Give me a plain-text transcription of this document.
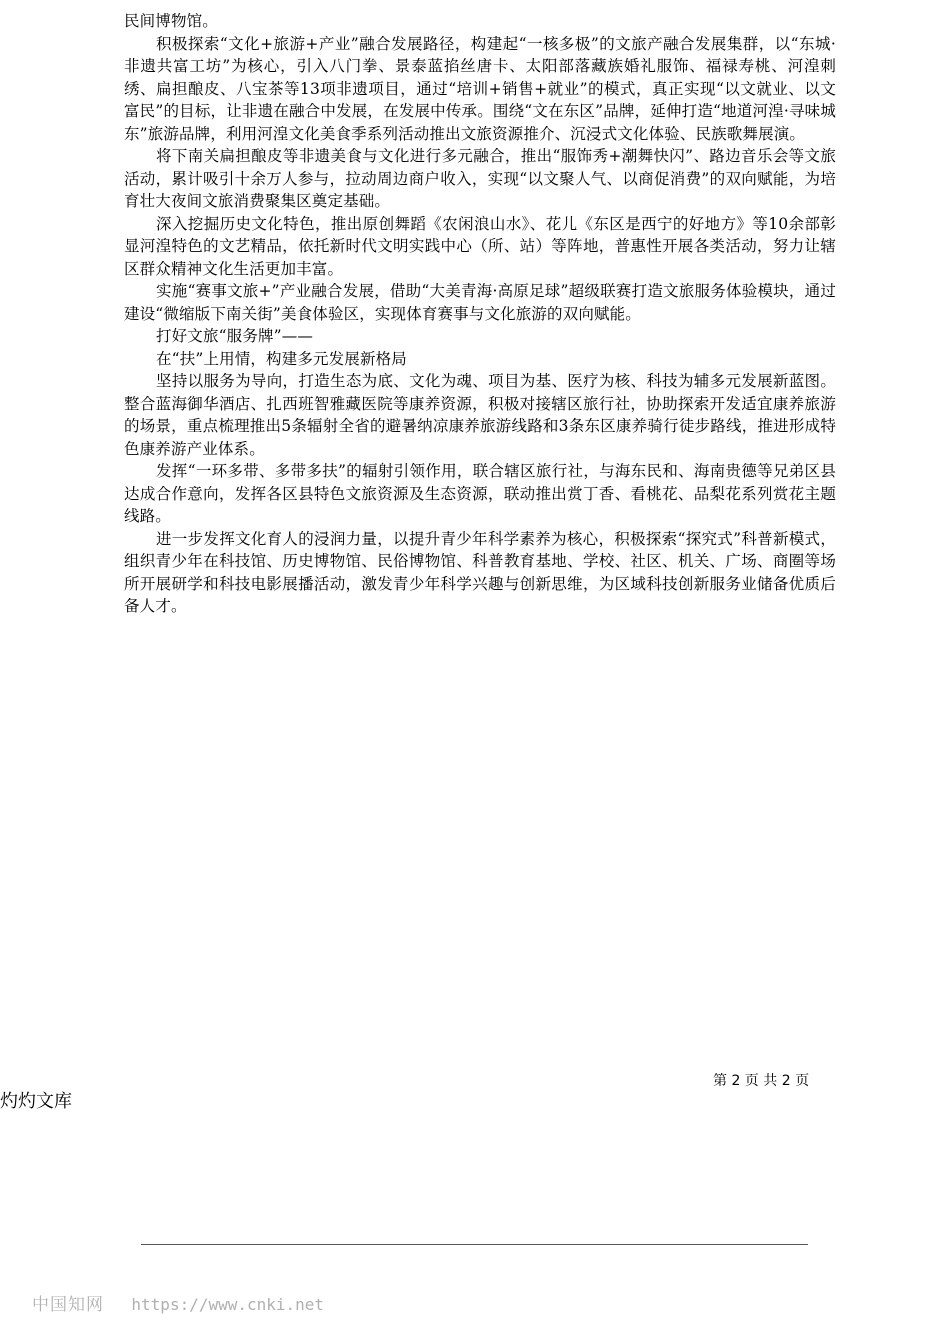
民间博物馆。

积极探索“文化+旅游+产业”融合发展路径，构建起“一核多极”的文旅产融合发展集群，以“东城·非遗共富工坊”为核心，引入八门拳、景泰蓝掐丝唐卡、太阳部落藏族婚礼服饰、福禄寿桃、河湟刺绣、扁担酿皮、八宝茶等13项非遗项目，通过“培训+销售+就业”的模式，真正实现“以文就业、以文富民”的目标，让非遗在融合中发展，在发展中传承。围绕“文在东区”品牌，延伸打造“地道河湟·寻味城东”旅游品牌，利用河湟文化美食季系列活动推出文旅资源推介、沉浸式文化体验、民族歌舞展演。

将下南关扁担酿皮等非遗美食与文化进行多元融合，推出“服饰秀+潮舞快闪”、路边音乐会等文旅活动，累计吸引十余万人参与，拉动周边商户收入，实现“以文聚人气、以商促消费”的双向赋能，为培育壮大夜间文旅消费聚集区奠定基础。

深入挖掘历史文化特色，推出原创舞蹈《农闲浪山水》、花儿《东区是西宁的好地方》等10余部彰显河湟特色的文艺精品，依托新时代文明实践中心（所、站）等阵地，普惠性开展各类活动，努力让辖区群众精神文化生活更加丰富。

实施“赛事文旅+”产业融合发展，借助“大美青海·高原足球”超级联赛打造文旅服务体验模块，通过建设“微缩版下南关街”美食体验区，实现体育赛事与文化旅游的双向赋能。

打好文旅“服务牌”——

在“扶”上用情，构建多元发展新格局

坚持以服务为导向，打造生态为底、文化为魂、项目为基、医疗为核、科技为辅多元发展新蓝图。整合蓝海御华酒店、扎西班智雅藏医院等康养资源，积极对接辖区旅行社，协助探索开发适宜康养旅游的场景，重点梳理推出5条辐射全省的避暑纳凉康养旅游线路和3条东区康养骑行徒步路线，推进形成特色康养游产业体系。

发挥“一环多带、多带多扶”的辐射引领作用，联合辖区旅行社，与海东民和、海南贵德等兄弟区县达成合作意向，发挥各区县特色文旅资源及生态资源，联动推出赏丁香、看桃花、品梨花系列赏花主题线路。

进一步发挥文化育人的浸润力量，以提升青少年科学素养为核心，积极探索“探究式”科普新模式，组织青少年在科技馆、历史博物馆、民俗博物馆、科普教育基地、学校、社区、机关、广场、商圈等场所开展研学和科技电影展播活动，激发青少年科学兴趣与创新思维，为区域科技创新服务业储备优质后备人才。

第 2 页 共 2 页
灼灼文库
中国知网 https://www.cnki.net
